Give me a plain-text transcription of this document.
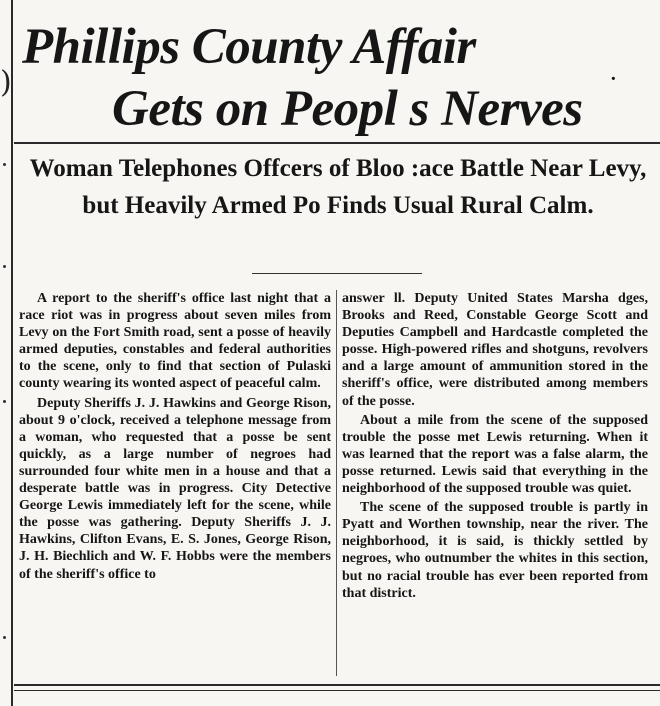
)
Phillips County Affair
·
Gets on Peopl s Nerves
Woman Telephones Offcers of Bloo :ace Battle Near Levy, but Heavily Armed Po Finds Usual Rural Calm.

A report to the sheriff's office last night that a race riot was in progress about seven miles from Levy on the Fort Smith road, sent a posse of heavily armed deputies, constables and federal authorities to the scene, only to find that section of Pulaski county wearing its wonted aspect of peaceful calm.

Deputy Sheriffs J. J. Hawkins and George Rison, about 9 o'clock, received a telephone message from a woman, who requested that a posse be sent quickly, as a large number of negroes had surrounded four white men in a house and that a desperate battle was in progress. City Detective George Lewis immediately left for the scene, while the posse was gathering. Deputy Sheriffs J. J. Hawkins, Clifton Evans, E. S. Jones, George Rison, J. H. Biechlich and W. F. Hobbs were the members of the sheriff's office to

answer ll. Deputy United States Marsha dges, Brooks and Reed, Constable George Scott and Deputies Campbell and Hardcastle completed the posse. High-powered rifles and shotguns, revolvers and a large amount of ammunition stored in the sheriff's office, were distributed among members of the posse.

About a mile from the scene of the supposed trouble the posse met Lewis returning. When it was learned that the report was a false alarm, the posse returned. Lewis said that everything in the neighborhood of the supposed trouble was quiet.

The scene of the supposed trouble is partly in Pyatt and Worthen township, near the river. The neighborhood, it is said, is thickly settled by negroes, who outnumber the whites in this section, but no racial trouble has ever been reported from that district.
